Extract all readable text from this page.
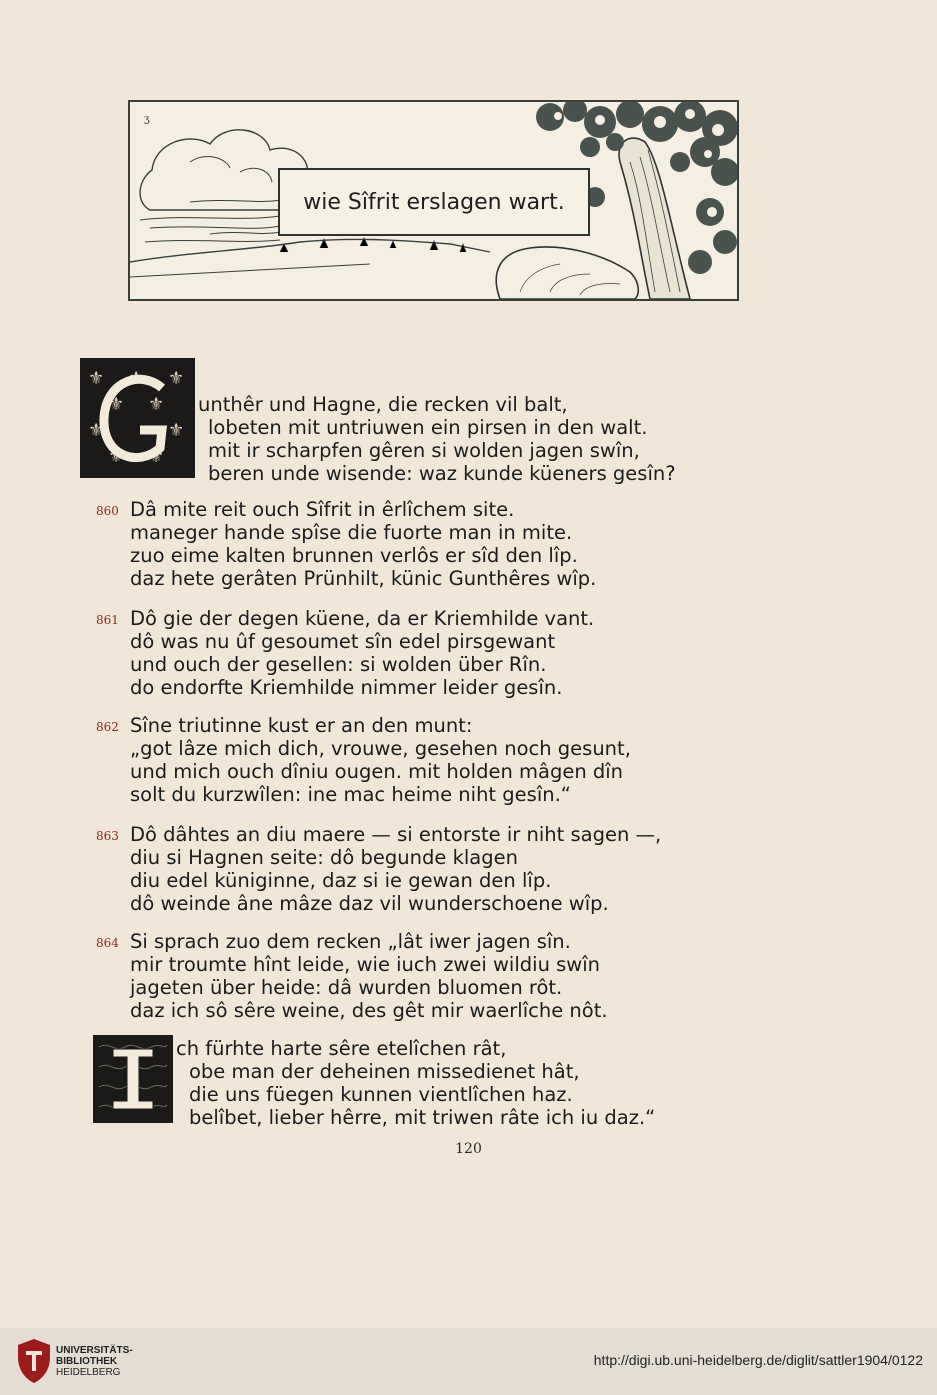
ʒ
wie Sîfrit erslagen wart.
⚜ ⚜ ⚜
⚜ ⚜
⚜	⚜
⚜ ⚜
unthêr und Hagne, die recken vil balt,
lobeten mit untriuwen ein pirsen in den walt.
mit ir scharpfen gêren si wolden jagen swîn,
beren unde wisende: waz kunde küeners gesîn?
860 Dâ mite reit ouch Sîfrit in êrlîchem site.
maneger hande spîse die fuorte man in mite.
zuo eime kalten brunnen verlôs er sîd den lîp.
daz hete gerâten Prünhilt, künic Gunthêres wîp.
861 Dô gie der degen küene, da er Kriemhilde vant.
dô was nu ûf gesoumet sîn edel pirsgewant
und ouch der gesellen: si wolden über Rîn.
do endorfte Kriemhilde nimmer leider gesîn.
862 Sîne triutinne kust er an den munt:
„got lâze mich dich, vrouwe, gesehen noch gesunt,
und mich ouch dîniu ougen. mit holden mâgen dîn
solt du kurzwîlen: ine mac heime niht gesîn.“
863 Dô dâhtes an diu maere — si entorste ir niht sagen —,
diu si Hagnen seite: dô begunde klagen
diu edel küniginne, daz si ie gewan den lîp.
dô weinde âne mâze daz vil wunderschoene wîp.
864 Si sprach zuo dem recken „lât iwer jagen sîn.
mir troumte hînt leide, wie iuch zwei wildiu swîn
jageten über heide: dâ wurden bluomen rôt.
daz ich sô sêre weine, des gêt mir waerlîche nôt.
ch fürhte harte sêre etelîchen rât,
obe man der deheinen missedienet hât,
die uns füegen kunnen vientlîchen haz.
belîbet, lieber hêrre, mit triwen râte ich iu daz.“
120
UNIVERSITÄTS-
BIBLIOTHEK
HEIDELBERG
http://digi.ub.uni-heidelberg.de/diglit/sattler1904/0122
